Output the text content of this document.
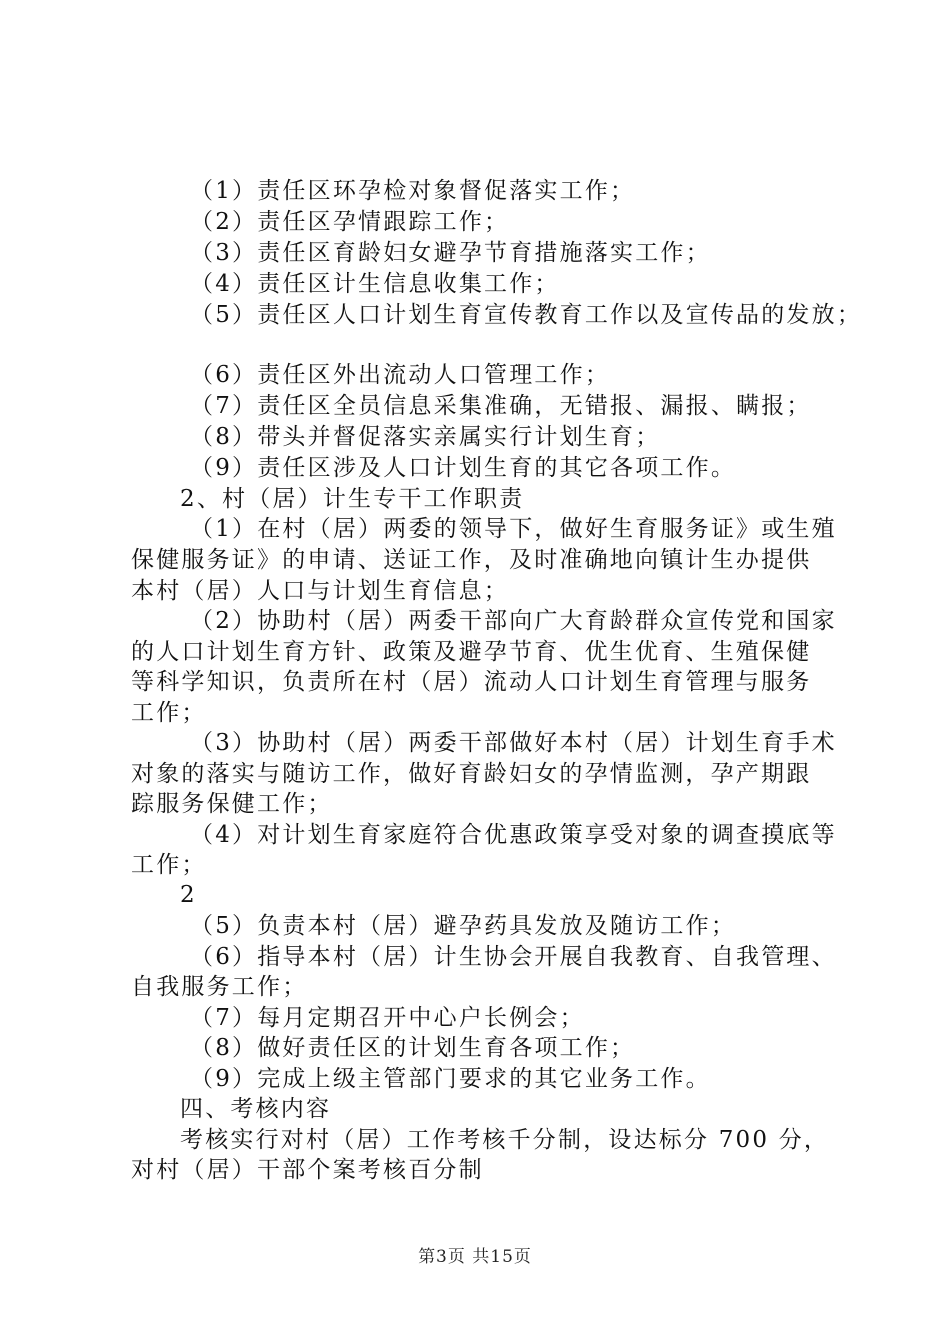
（1）责任区环孕检对象督促落实工作；
（2）责任区孕情跟踪工作；
（3）责任区育龄妇女避孕节育措施落实工作；
（4）责任区计生信息收集工作；
（5）责任区人口计划生育宣传教育工作以及宣传品的发放；
（6）责任区外出流动人口管理工作；
（7）责任区全员信息采集准确，无错报、漏报、瞒报；
（8）带头并督促落实亲属实行计划生育；
（9）责任区涉及人口计划生育的其它各项工作。
2、村（居）计生专干工作职责
（1）在村（居）两委的领导下，做好生育服务证》或生殖
保健服务证》的申请、送证工作，及时准确地向镇计生办提供
本村（居）人口与计划生育信息；
（2）协助村（居）两委干部向广大育龄群众宣传党和国家
的人口计划生育方针、政策及避孕节育、优生优育、生殖保健
等科学知识，负责所在村（居）流动人口计划生育管理与服务
工作；
（3）协助村（居）两委干部做好本村（居）计划生育手术
对象的落实与随访工作，做好育龄妇女的孕情监测，孕产期跟
踪服务保健工作；
（4）对计划生育家庭符合优惠政策享受对象的调查摸底等
工作；
2
（5）负责本村（居）避孕药具发放及随访工作；
（6）指导本村（居）计生协会开展自我教育、自我管理、
自我服务工作；
（7）每月定期召开中心户长例会；
（8）做好责任区的计划生育各项工作；
（9）完成上级主管部门要求的其它业务工作。
四、考核内容
考核实行对村（居）工作考核千分制，设达标分 700 分，
对村（居）干部个案考核百分制
第3页 共15页
